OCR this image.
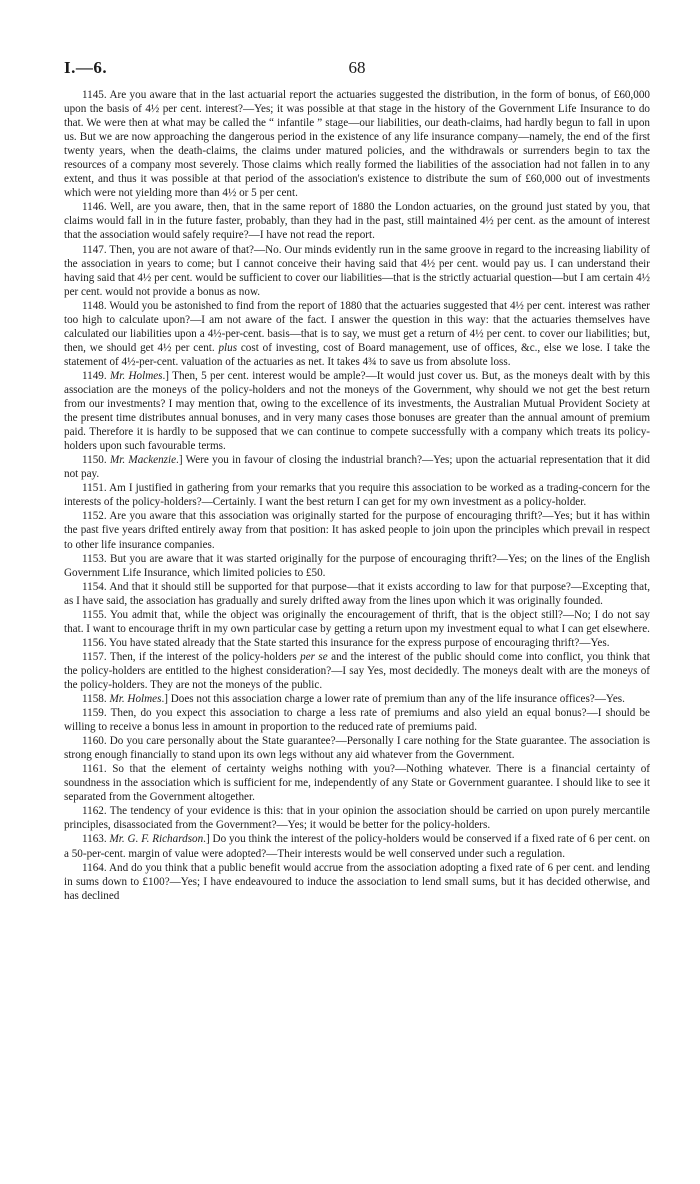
68
I.—6.

1145. Are you aware that in the last actuarial report the actuaries suggested the distribution, in the form of bonus, of £60,000 upon the basis of 4½ per cent. interest?—Yes; it was possible at that stage in the history of the Government Life Insurance to do that. We were then at what may be called the “ infantile ” stage—our liabilities, our death-claims, had hardly begun to fall in upon us. But we are now approaching the dangerous period in the existence of any life insurance company—namely, the end of the first twenty years, when the death-claims, the claims under matured policies, and the withdrawals or surrenders begin to tax the resources of a company most severely. Those claims which really formed the liabilities of the association had not fallen in to any extent, and thus it was possible at that period of the association's existence to distribute the sum of £60,000 out of investments which were not yielding more than 4½ or 5 per cent.

1146. Well, are you aware, then, that in the same report of 1880 the London actuaries, on the ground just stated by you, that claims would fall in in the future faster, probably, than they had in the past, still maintained 4½ per cent. as the amount of interest that the association would safely require?—I have not read the report.

1147. Then, you are not aware of that?—No. Our minds evidently run in the same groove in regard to the increasing liability of the association in years to come; but I cannot conceive their having said that 4½ per cent. would pay us. I can understand their having said that 4½ per cent. would be sufficient to cover our liabilities—that is the strictly actuarial question—but I am certain 4½ per cent. would not provide a bonus as now.

1148. Would you be astonished to find from the report of 1880 that the actuaries suggested that 4½ per cent. interest was rather too high to calculate upon?—I am not aware of the fact. I answer the question in this way: that the actuaries themselves have calculated our liabilities upon a 4½-per-cent. basis—that is to say, we must get a return of 4½ per cent. to cover our liabilities; but, then, we should get 4½ per cent. plus cost of investing, cost of Board management, use of offices, &c., else we lose. I take the statement of 4½-per-cent. valuation of the actuaries as net. It takes 4¾ to save us from absolute loss.

1149. Mr. Holmes.] Then, 5 per cent. interest would be ample?—It would just cover us. But, as the moneys dealt with by this association are the moneys of the policy-holders and not the moneys of the Government, why should we not get the best return from our investments? I may mention that, owing to the excellence of its investments, the Australian Mutual Provident Society at the present time distributes annual bonuses, and in very many cases those bonuses are greater than the annual amount of premium paid. Therefore it is hardly to be supposed that we can continue to compete successfully with a company which treats its policy-holders upon such favourable terms.

1150. Mr. Mackenzie.] Were you in favour of closing the industrial branch?—Yes; upon the actuarial representation that it did not pay.

1151. Am I justified in gathering from your remarks that you require this association to be worked as a trading-concern for the interests of the policy-holders?—Certainly. I want the best return I can get for my own investment as a policy-holder.

1152. Are you aware that this association was originally started for the purpose of encouraging thrift?—Yes; but it has within the past five years drifted entirely away from that position: It has asked people to join upon the principles which prevail in respect to other life insurance companies.

1153. But you are aware that it was started originally for the purpose of encouraging thrift?—Yes; on the lines of the English Government Life Insurance, which limited policies to £50.

1154. And that it should still be supported for that purpose—that it exists according to law for that purpose?—Excepting that, as I have said, the association has gradually and surely drifted away from the lines upon which it was originally founded.

1155. You admit that, while the object was originally the encouragement of thrift, that is the object still?—No; I do not say that. I want to encourage thrift in my own particular case by getting a return upon my investment equal to what I can get elsewhere.

1156. You have stated already that the State started this insurance for the express purpose of encouraging thrift?—Yes.

1157. Then, if the interest of the policy-holders per se and the interest of the public should come into conflict, you think that the policy-holders are entitled to the highest consideration?—I say Yes, most decidedly. The moneys dealt with are the moneys of the policy-holders. They are not the moneys of the public.

1158. Mr. Holmes.] Does not this association charge a lower rate of premium than any of the life insurance offices?—Yes.

1159. Then, do you expect this association to charge a less rate of premiums and also yield an equal bonus?—I should be willing to receive a bonus less in amount in proportion to the reduced rate of premiums paid.

1160. Do you care personally about the State guarantee?—Personally I care nothing for the State guarantee. The association is strong enough financially to stand upon its own legs without any aid whatever from the Government.

1161. So that the element of certainty weighs nothing with you?—Nothing whatever. There is a financial certainty of soundness in the association which is sufficient for me, independently of any State or Government guarantee. I should like to see it separated from the Government altogether.

1162. The tendency of your evidence is this: that in your opinion the association should be carried on upon purely mercantile principles, disassociated from the Government?—Yes; it would be better for the policy-holders.

1163. Mr. G. F. Richardson.] Do you think the interest of the policy-holders would be conserved if a fixed rate of 6 per cent. on a 50-per-cent. margin of value were adopted?—Their interests would be well conserved under such a regulation.

1164. And do you think that a public benefit would accrue from the association adopting a fixed rate of 6 per cent. and lending in sums down to £100?—Yes; I have endeavoured to induce the association to lend small sums, but it has decided otherwise, and has declined
